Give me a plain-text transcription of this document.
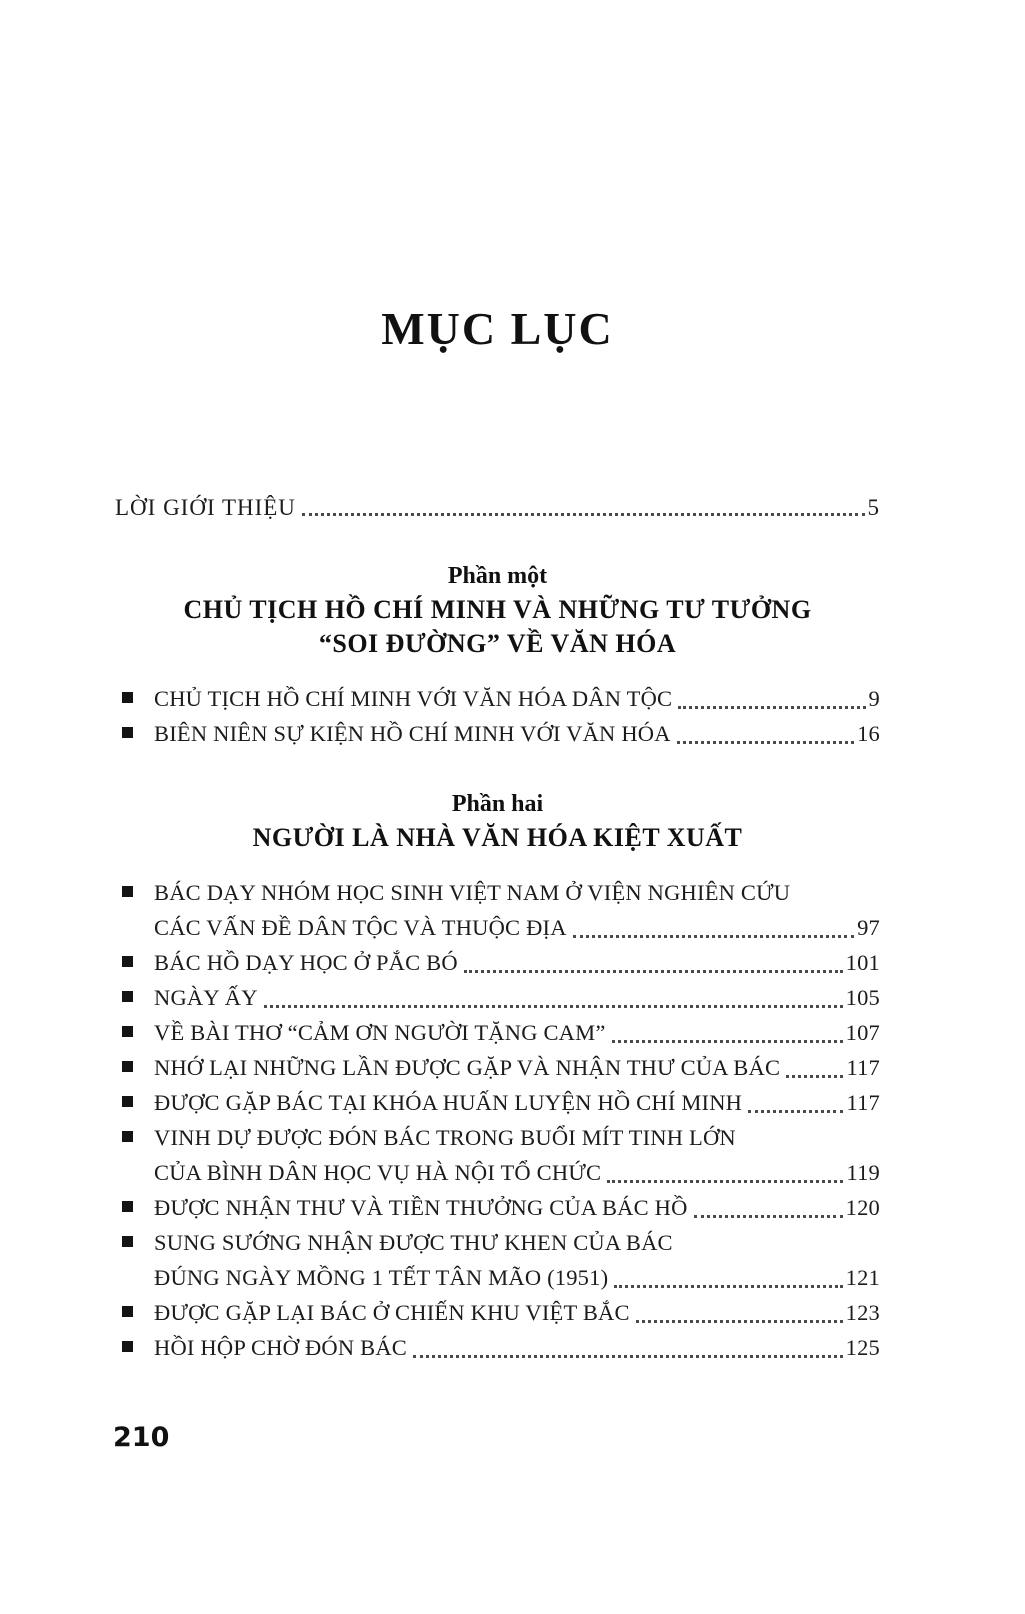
MỤC LỤC
LỜI GIỚI THIỆU	5
Phần một
CHỦ TỊCH HỒ CHÍ MINH VÀ NHỮNG TƯ TƯỞNG
“SOI ĐƯỜNG” VỀ VĂN HÓA
CHỦ TỊCH HỒ CHÍ MINH VỚI VĂN HÓA DÂN TỘC	9
BIÊN NIÊN SỰ KIỆN HỒ CHÍ MINH VỚI VĂN HÓA	16
Phần hai
NGƯỜI LÀ NHÀ VĂN HÓA KIỆT XUẤT
BÁC DẠY NHÓM HỌC SINH VIỆT NAM Ở VIỆN NGHIÊN CỨU
CÁC VẤN ĐỀ DÂN TỘC VÀ THUỘC ĐỊA	97
BÁC HỒ DẠY HỌC Ở PẮC BÓ	101
NGÀY ẤY	105
VỀ BÀI THƠ “CẢM ƠN NGƯỜI TẶNG CAM”	107
NHỚ LẠI NHỮNG LẦN ĐƯỢC GẶP VÀ NHẬN THƯ CỦA BÁC	117
ĐƯỢC GẶP BÁC TẠI KHÓA HUẤN LUYỆN HỒ CHÍ MINH	117
VINH DỰ ĐƯỢC ĐÓN BÁC TRONG BUỔI MÍT TINH LỚN
CỦA BÌNH DÂN HỌC VỤ HÀ NỘI TỔ CHỨC	119
ĐƯỢC NHẬN THƯ VÀ TIỀN THƯỞNG CỦA BÁC HỒ	120
SUNG SƯỚNG NHẬN ĐƯỢC THƯ KHEN CỦA BÁC
ĐÚNG NGÀY MỒNG 1 TẾT TÂN MÃO (1951)	121
ĐƯỢC GẶP LẠI BÁC Ở CHIẾN KHU VIỆT BẮC	123
HỒI HỘP CHỜ ĐÓN BÁC	125
210
